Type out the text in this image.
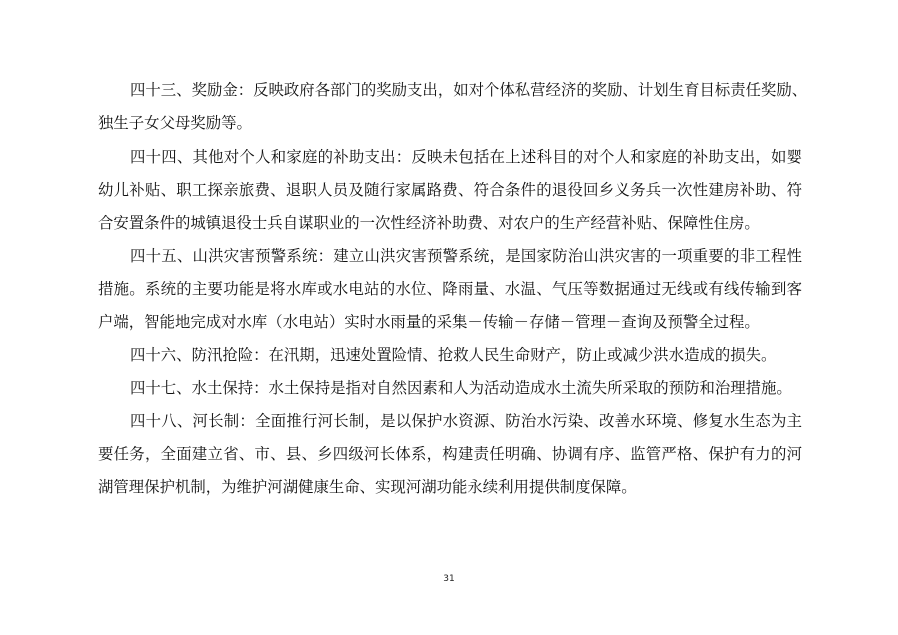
四十三、奖励金：反映政府各部门的奖励支出，如对个体私营经济的奖励、计划生育目标责任奖励、
独生子女父母奖励等。
四十四、其他对个人和家庭的补助支出：反映未包括在上述科目的对个人和家庭的补助支出，如婴
幼儿补贴、职工探亲旅费、退职人员及随行家属路费、符合条件的退役回乡义务兵一次性建房补助、符
合安置条件的城镇退役士兵自谋职业的一次性经济补助费、对农户的生产经营补贴、保障性住房。
四十五、山洪灾害预警系统：建立山洪灾害预警系统，是国家防治山洪灾害的一项重要的非工程性
措施。系统的主要功能是将水库或水电站的水位、降雨量、水温、气压等数据通过无线或有线传输到客
户端，智能地完成对水库（水电站）实时水雨量的采集－传输－存储－管理－查询及预警全过程。
四十六、防汛抢险：在汛期，迅速处置险情、抢救人民生命财产，防止或减少洪水造成的损失。
四十七、水土保持：水土保持是指对自然因素和人为活动造成水土流失所采取的预防和治理措施。
四十八、河长制：全面推行河长制，是以保护水资源、防治水污染、改善水环境、修复水生态为主
要任务，全面建立省、市、县、乡四级河长体系，构建责任明确、协调有序、监管严格、保护有力的河
湖管理保护机制，为维护河湖健康生命、实现河湖功能永续利用提供制度保障。
31
